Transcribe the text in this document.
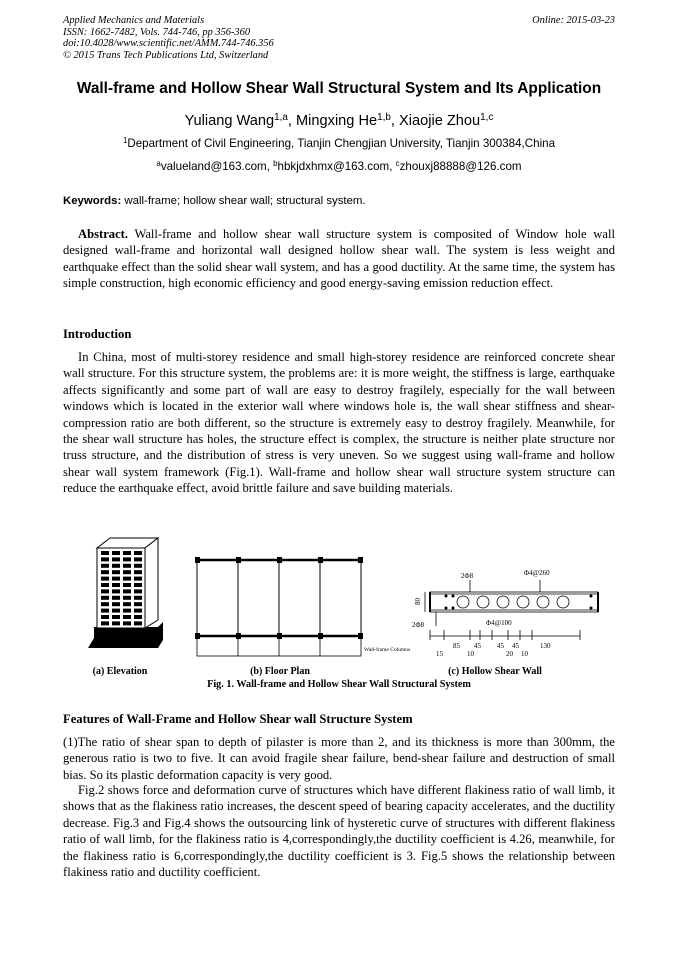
Applied Mechanics and Materials
ISSN: 1662-7482, Vols. 744-746, pp 356-360
doi:10.4028/www.scientific.net/AMM.744-746.356
© 2015 Trans Tech Publications Ltd, Switzerland
Online: 2015-03-23
Wall-frame and Hollow Shear Wall Structural System and Its Application
Yuliang Wang$^{1,a}$, Mingxing He$^{1,b}$, Xiaojie Zhou$^{1,c}$
$^1$Department of Civil Engineering, Tianjin Chengjian University, Tianjin 300384,China
$^a$valueland@163.com, $^b$hbkjdxhmx@163.com, $^c$zhouxj88888@126.com
Keywords: wall-frame; hollow shear wall; structural system.
Abstract. Wall-frame and hollow shear wall structure system is composited of Window hole wall designed wall-frame and horizontal wall designed hollow shear wall. The system is less weight and earthquake effect than the solid shear wall system, and has a good ductility. At the same time, the system has simple construction, high economic efficiency and good energy-saving emission reduction effect.
Introduction
In China, most of multi-storey residence and small high-storey residence are reinforced concrete shear wall structure. For this structure system, the problems are: it is more weight, the stiffness is large, earthquake affects significantly and some part of wall are easy to destroy fragilely, especially for the wall between windows which is located in the exterior wall where windows hole is, the wall shear stiffness and shear-compression ratio are both different, so the structure is extremely easy to destroy fragilely. Meanwhile, for the shear wall structure has holes, the structure effect is complex, the structure is neither plate structure nor truss structure, and the distribution of stress is very uneven. So we suggest using wall-frame and hollow shear wall system framework (Fig.1). Wall-frame and hollow shear wall structure system structure can reduce the earthquake effect, avoid brittle failure and save building materials.
Wall-frame Columns
2Φ8	Φ4@260
80
2Φ8	Φ4@100
85 45 45 45	130
15	10	20 10
(a) Elevation	(b) Floor Plan	(c) Hollow Shear Wall
Fig. 1. Wall-frame and Hollow Shear Wall Structural System
Features of Wall-Frame and Hollow Shear wall Structure System
(1)The ratio of shear span to depth of pilaster is more than 2, and its thickness is more than 300mm, the generous ratio is two to five. It can avoid fragile shear failure, bend-shear failure and destruction of small bias. So its plastic deformation capacity is very good.
Fig.2 shows force and deformation curve of structures which have different flakiness ratio of wall limb, it shows that as the flakiness ratio increases, the descent speed of bearing capacity accelerates, and the ductility decrease. Fig.3 and Fig.4 shows the outsourcing link of hysteretic curve of structures with different flakiness ratio of wall limb, for the flakiness ratio is 4,correspondingly,the ductility coefficient is 4.26, meanwhile, for the flakiness ratio is 6,correspondingly,the ductility coefficient is 3. Fig.5 shows the relationship between flakiness ratio and ductility coefficient.
